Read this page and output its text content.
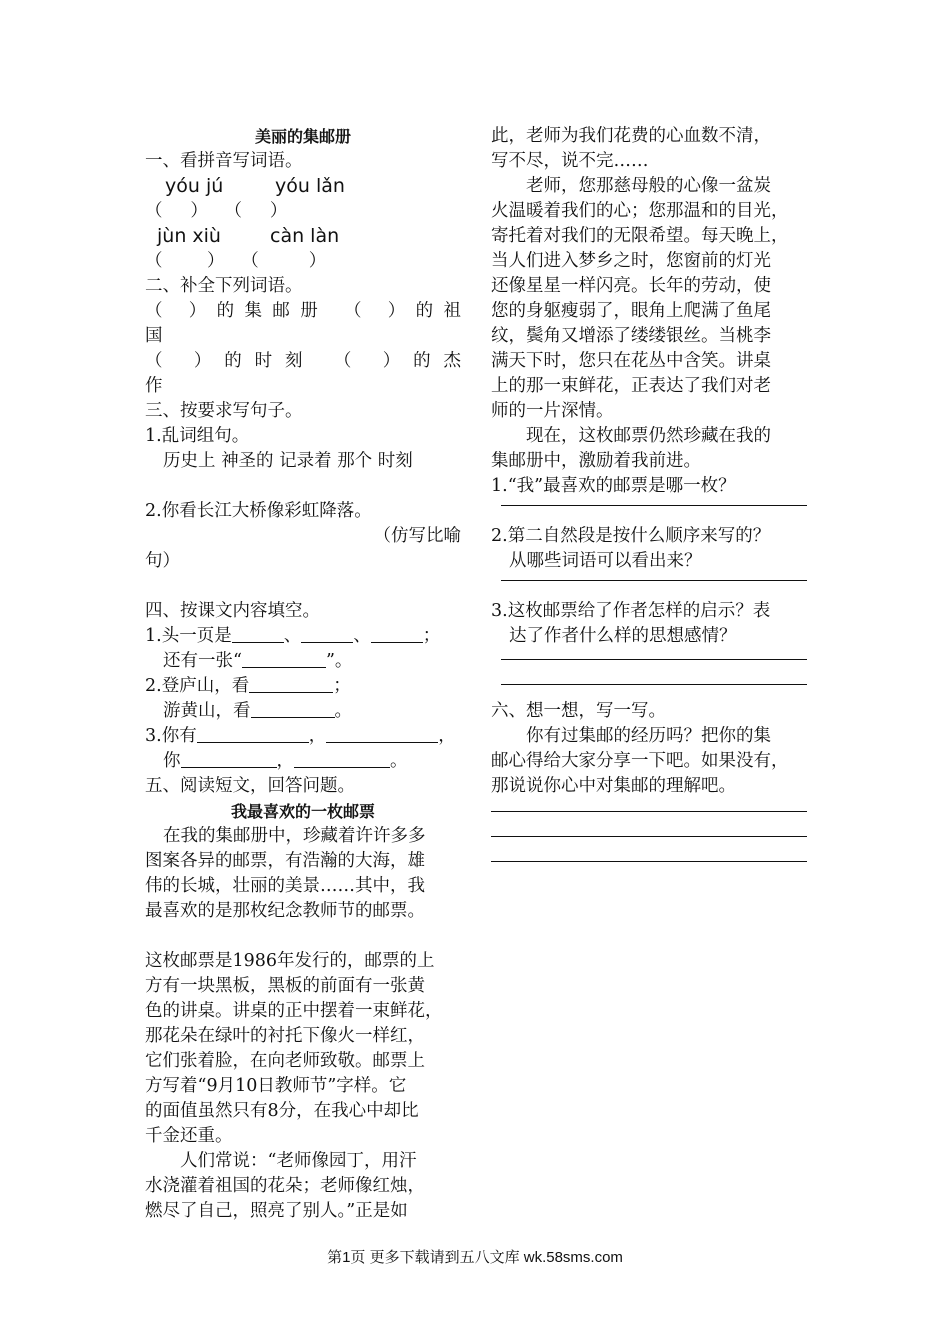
美丽的集邮册
一、看拼音写词语。
yóu jú	yóu lǎn
（     ）   （     ）
jùn xiù	càn làn
（        ）   （         ）
二、补全下列词语。
（ ）的集邮册 （ ）的祖
国
（ ）的时刻 （ ）的杰
作
三、按要求写句子。
1.乱词组句。
历史上 神圣的 记录着 那个 时刻
2.你看长江大桥像彩虹降落。
（仿写比喻
句）
四、按课文内容填空。
1.头一页是	、	、	；
还有一张“	”。
2.登庐山，看	；
游黄山，看	。
3.你有	，	，
你	，	。
五、阅读短文，回答问题。
我最喜欢的一枚邮票
在我的集邮册中，珍藏着许许多多
图案各异的邮票，有浩瀚的大海，雄
伟的长城，壮丽的美景……其中，我
最喜欢的是那枚纪念教师节的邮票。
这枚邮票是1986年发行的，邮票的上
方有一块黑板，黑板的前面有一张黄
色的讲桌。讲桌的正中摆着一束鲜花，
那花朵在绿叶的衬托下像火一样红，
它们张着脸，在向老师致敬。邮票上
方写着“9月10日教师节”字样。它
的面值虽然只有8分，在我心中却比
千金还重。
人们常说：“老师像园丁，用汗
水浇灌着祖国的花朵；老师像红烛，
燃尽了自己，照亮了别人。”正是如
此，老师为我们花费的心血数不清，
写不尽，说不完……
老师，您那慈母般的心像一盆炭
火温暖着我们的心；您那温和的目光，
寄托着对我们的无限希望。每天晚上，
当人们进入梦乡之时，您窗前的灯光
还像星星一样闪亮。长年的劳动，使
您的身躯瘦弱了，眼角上爬满了鱼尾
纹，鬓角又增添了缕缕银丝。当桃李
满天下时，您只在花丛中含笑。讲桌
上的那一束鲜花，正表达了我们对老
师的一片深情。
现在，这枚邮票仍然珍藏在我的
集邮册中，激励着我前进。
1.“我”最喜欢的邮票是哪一枚？
2.第二自然段是按什么顺序来写的？
从哪些词语可以看出来？
3.这枚邮票给了作者怎样的启示？表
达了作者什么样的思想感情？
六、想一想，写一写。
你有过集邮的经历吗？把你的集
邮心得给大家分享一下吧。如果没有，
那说说你心中对集邮的理解吧。
第1页 更多下载请到五八文库 wk.58sms.com
